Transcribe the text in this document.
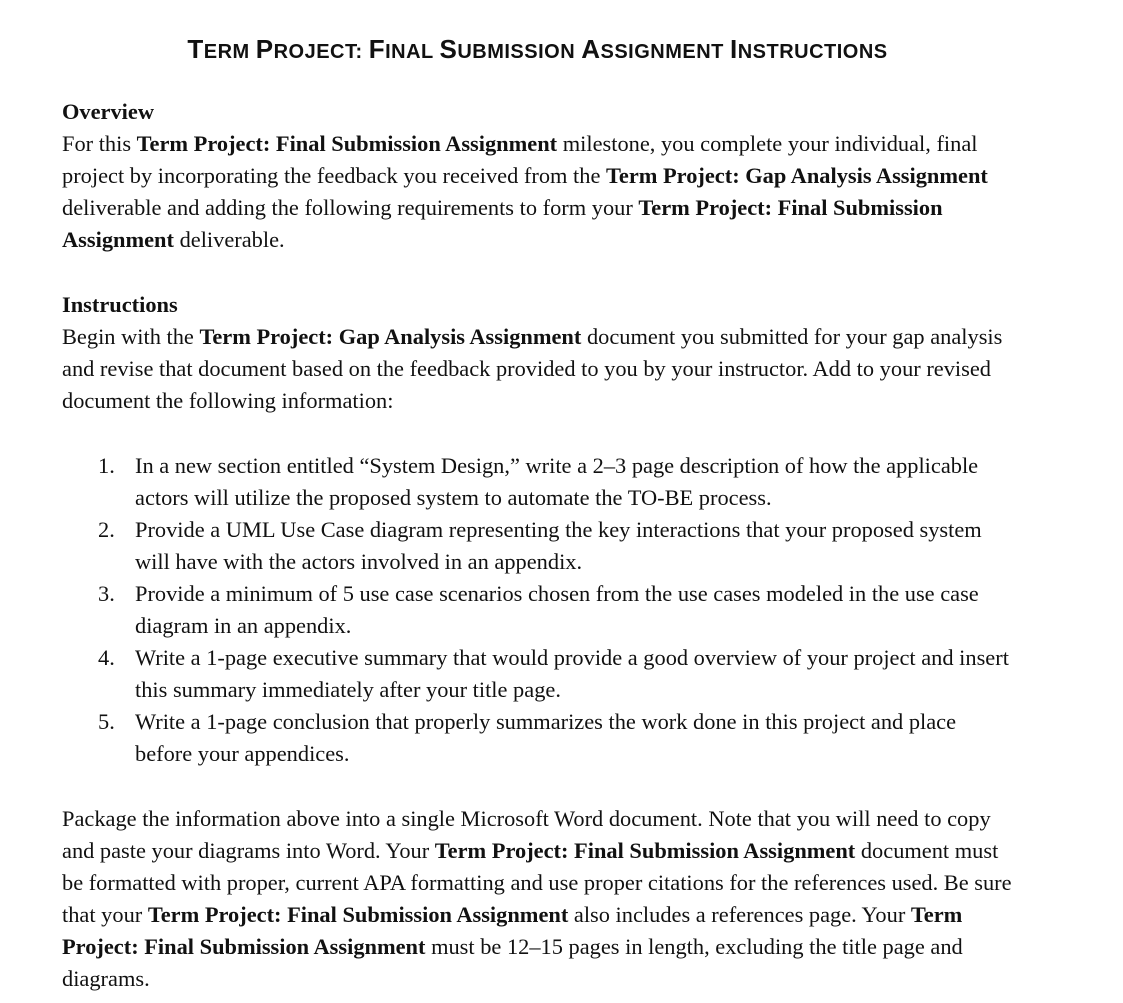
TERM PROJECT: FINAL SUBMISSION ASSIGNMENT INSTRUCTIONS
Overview
For this Term Project: Final Submission Assignment milestone, you complete your individual, final project by incorporating the feedback you received from the Term Project: Gap Analysis Assignment deliverable and adding the following requirements to form your Term Project: Final Submission Assignment deliverable.
Instructions
Begin with the Term Project: Gap Analysis Assignment document you submitted for your gap analysis and revise that document based on the feedback provided to you by your instructor. Add to your revised document the following information:
1. In a new section entitled “System Design,” write a 2–3 page description of how the applicable actors will utilize the proposed system to automate the TO-BE process.
2. Provide a UML Use Case diagram representing the key interactions that your proposed system will have with the actors involved in an appendix.
3. Provide a minimum of 5 use case scenarios chosen from the use cases modeled in the use case diagram in an appendix.
4. Write a 1-page executive summary that would provide a good overview of your project and insert this summary immediately after your title page.
5. Write a 1-page conclusion that properly summarizes the work done in this project and place before your appendices.
Package the information above into a single Microsoft Word document. Note that you will need to copy and paste your diagrams into Word. Your Term Project: Final Submission Assignment document must be formatted with proper, current APA formatting and use proper citations for the references used. Be sure that your Term Project: Final Submission Assignment also includes a references page. Your Term Project: Final Submission Assignment must be 12–15 pages in length, excluding the title page and diagrams.
